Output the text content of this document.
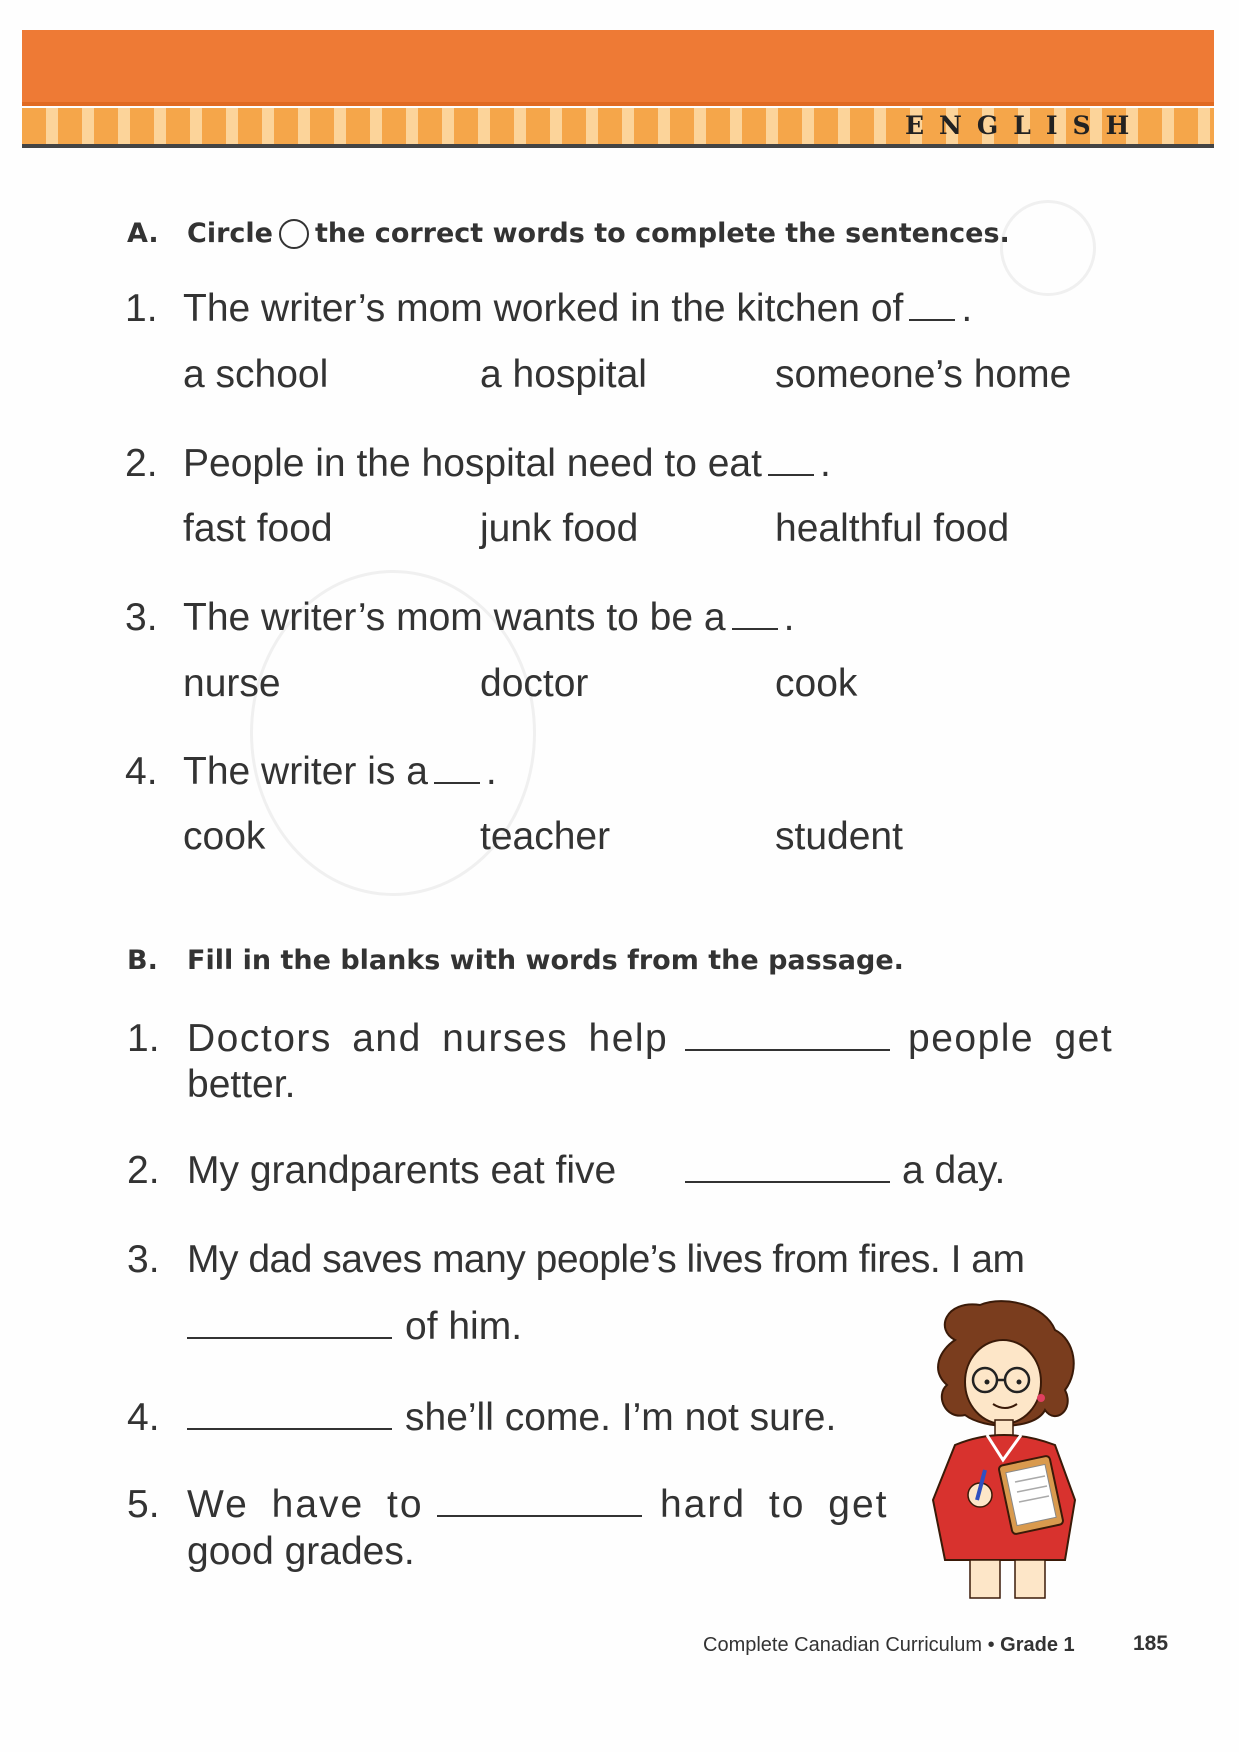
ENGLISH
A. Circle the correct words to complete the sentences.
1. The writer’s mom worked in the kitchen of .
a school	a hospital	someone’s home
2. People in the hospital need to eat .
fast food	junk food	healthful food
3. The writer’s mom wants to be a .
nurse	doctor	cook
4. The writer is a .
cook	teacher	student
B. Fill in the blanks with words from the passage.
1. Doctors and nurses help	people get
better.
2. My grandparents eat five	a day.
3. My dad saves many people’s lives from fires. I am
of him.
4.	she’ll come. I’m not sure.
5. We have to	hard to get
good grades.
Complete Canadian Curriculum • Grade 1	185
